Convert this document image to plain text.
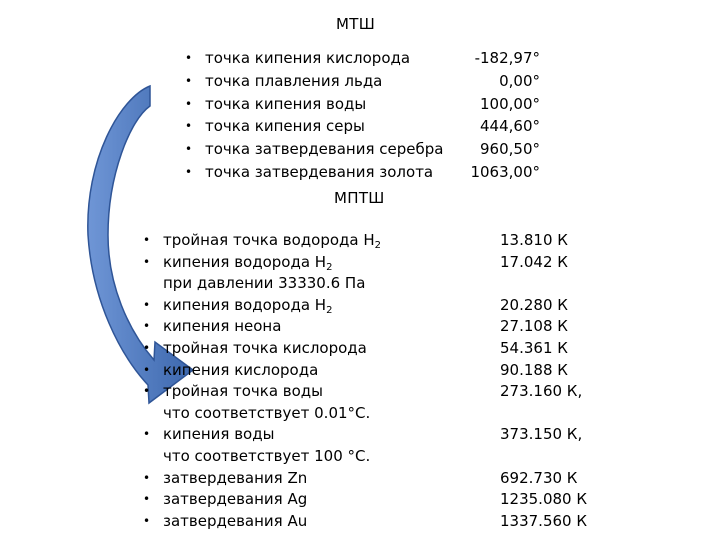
МТШ
• точка кипения кислорода	-182,97°
• точка плавления льда	0,00°
• точка кипения воды	100,00°
• точка кипения серы	444,60°
• точка затвердевания серебра	960,50°
• точка затвердевания золота	1063,00°
МПТШ
• тройная точка водорода $H_2$	13.810 К
• кипения водорода $H_2$	17.042 К
при давлении 33330.6 Па
• кипения водорода $H_2$	20.280 К
• кипения неона	27.108 К
• тройная точка кислорода	54.361 К
• кипения кислорода	90.188 К
• тройная точка воды	273.160 К,
что соответствует 0.01°С.
• кипения воды	373.150 К,
что соответствует 100 °С.
• затвердевания Zn	692.730 К
• затвердевания Ag	1235.080 К
• затвердевания Au	1337.560 К
